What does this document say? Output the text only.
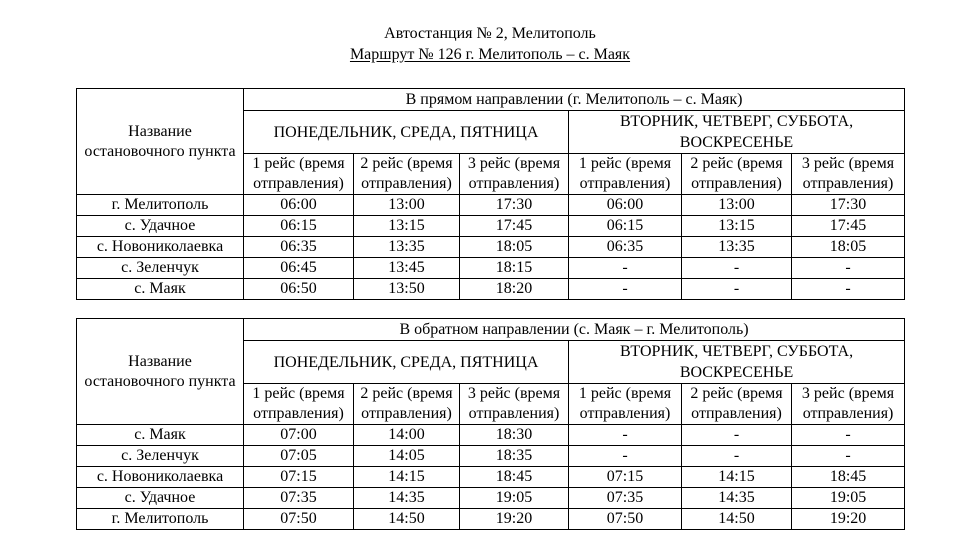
Автостанция № 2, Мелитополь
Маршрут № 126 г. Мелитополь – с. Маяк
Название остановочного пункта	В прямом направлении (г. Мелитополь – с. Маяк)					
	ПОНЕДЕЛЬНИК, СРЕДА, ПЯТНИЦА			ВТОРНИК, ЧЕТВЕРГ, СУББОТА, ВОСКРЕСЕНЬЕ		
	1 рейс (время отправления)	2 рейс (время отправления)	3 рейс (время отправления)	1 рейс (время отправления)	2 рейс (время отправления)	3 рейс (время отправления)
г. Мелитополь	06:00	13:00	17:30	06:00	13:00	17:30
с. Удачное	06:15	13:15	17:45	06:15	13:15	17:45
с. Новониколаевка	06:35	13:35	18:05	06:35	13:35	18:05
с. Зеленчук	06:45	13:45	18:15	-	-	-
с. Маяк	06:50	13:50	18:20	-	-	-
Название остановочного пункта	В обратном направлении (с. Маяк – г. Мелитополь)					
	ПОНЕДЕЛЬНИК, СРЕДА, ПЯТНИЦА			ВТОРНИК, ЧЕТВЕРГ, СУББОТА, ВОСКРЕСЕНЬЕ		
	1 рейс (время отправления)	2 рейс (время отправления)	3 рейс (время отправления)	1 рейс (время отправления)	2 рейс (время отправления)	3 рейс (время отправления)
с. Маяк	07:00	14:00	18:30	-	-	-
с. Зеленчук	07:05	14:05	18:35	-	-	-
с. Новониколаевка	07:15	14:15	18:45	07:15	14:15	18:45
с. Удачное	07:35	14:35	19:05	07:35	14:35	19:05
г. Мелитополь	07:50	14:50	19:20	07:50	14:50	19:20
